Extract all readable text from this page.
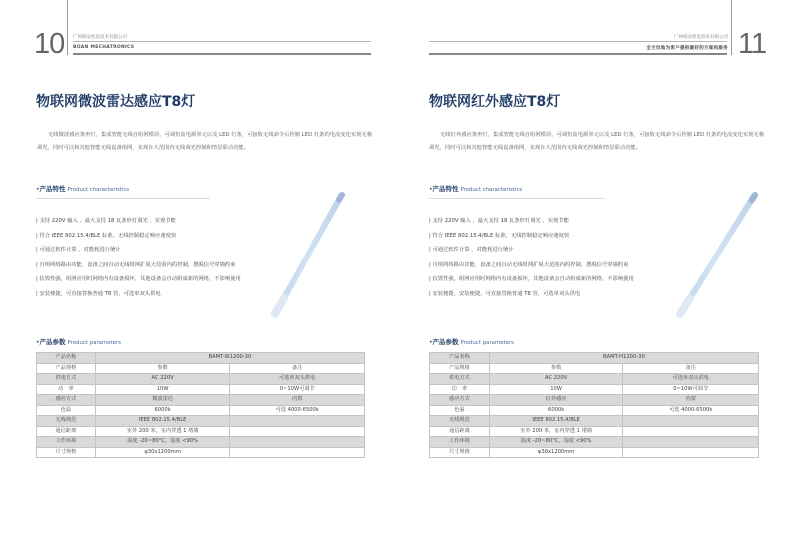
10 广州柏安机电技术有限公司
BOAN MECHATRONICS
物联网微波雷达感应T8灯
无线微波感应条形灯，集成智能无线自组网模块、可调恒流电源单元以及 LED 灯条，可接收无线命令后控制 LED 灯条的电流变化实现无极调光，同时可以和其他智能无线设备组网，实现在大范围内无线调光控制和情景联动功能。
•产品特性 Product characteristics
| 支持 220V 输入 ，最大支持 18 瓦条形灯调光 ，实现节能
| 符合 IEEE 802.15.4/BLE 标准，无线控制稳定响应速度快
| 可通过软件计算 ，对能耗进行统计
| 自组网络路由功能，设备之间自动无线组网扩展大范围内的控制，摆脱信号穿墙约束
| 抗毁性强，组网应用时网络内有设备损坏，其他设备会自动组成新的网络，不影响使用
| 安装便捷，可直接替换普通 T8 管，可选单双头供电
•产品参数 Product parameters
产品名称	BAMT-W1200-30	
产品规格	参数	备注
供电方式	AC 220V	可选单双头供电
功　率	10W	0~10W可调节
感应方式	微波雷达	内置
色温	6000k	可选 4000-6500k
无线规范	IEEE 802.15.4/BLE	
通信距离	室外 200 米，室内穿透 1 堵墙	
工作环境	温度 -20~80°C，湿度 <90%	
尺寸规格	φ30x1200mm	
广州柏安机电技术有限公司
全方位地为客户提供最好的方案和服务 11
物联网红外感应T8灯
无线红外感应条形灯，集成智能无线自组网模块、可调恒流电源单元以及 LED 灯条，可接收无线命令后控制 LED 灯条的电流变化实现无极调光，同时可以和其他智能无线设备组网，实现在大范围内无线调光控制和情景联动功能。
•产品特性 Product characteristics
| 支持 220V 输入 ，最大支持 18 瓦条形灯调光 ，实现节能
| 符合 IEEE 802.15.4/BLE 标准，无线控制稳定响应速度快
| 可通过软件计算 ，对能耗进行统计
| 自组网络路由功能，设备之间自动无线组网扩展大范围内的控制，摆脱信号穿墙约束
| 抗毁性强，组网应用时网络内有设备损坏，其他设备会自动组成新的网络，不影响使用
| 安装便捷，安装便捷，可直接替换普通 T8 管，可选单双头供电
•产品参数 Product parameters
产品名称	BAMT-H1200-30	
产品规格	参数	备注
供电方式	AC 220V	可选单双头供电
功　率	10W	0~10W可调节
感应方式	红外感应	内置
色温	6000k	可选 4000-6500k
无线规范	IEEE 802.15.4/BLE	
通信距离	室外 200 米，室内穿透 1 堵墙	
工作环境	温度 -20~80°C，湿度 <90%	
尺寸规格	φ30x1200mm	
